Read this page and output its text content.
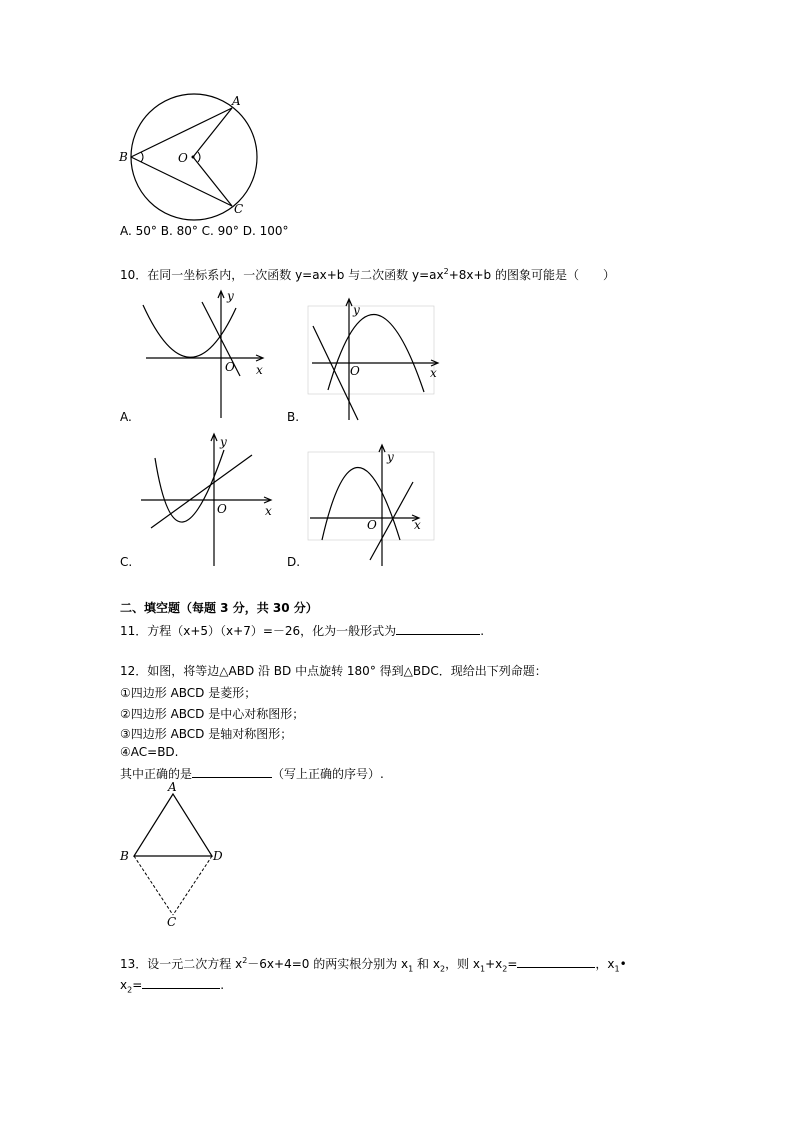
A
B	O
C
A. 50° B. 80° C. 90° D. 100°
10．在同一坐标系内，一次函数 y=ax+b 与二次函数 $y=ax^2+8x+b$ 的图象可能是（　　）
y
O x
A.
y
O	x
B.
y
O	x
C.
y
O	x
D.
二、填空题（每题 3 分，共 30 分）
11．方程（x+5）（x+7）=－26，化为一般形式为	.
12．如图，将等边△ABD 沿 BD 中点旋转 180° 得到△BDC．现给出下列命题：
①四边形 ABCD 是菱形；
②四边形 ABCD 是中心对称图形；
③四边形 ABCD 是轴对称图形；
④AC=BD.
其中正确的是	（写上正确的序号）.
A
B	D
C
13．设一元二次方程 $x^2-6x+4=0$ 的两实根分别为 $x_1$ 和 $x_2$，则 $x_1+x_2=$	，$x_1•$
$x_2=$	.
